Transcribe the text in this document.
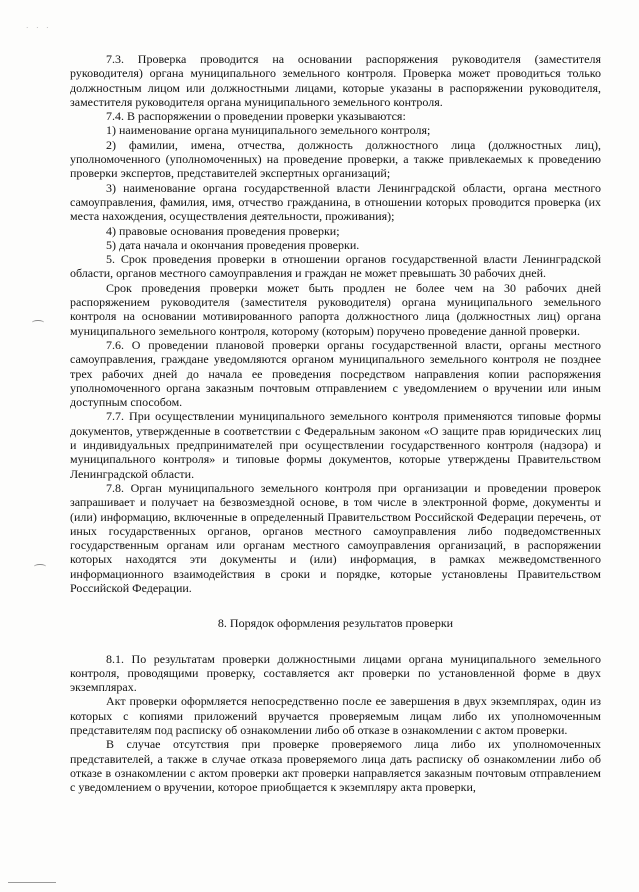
· · ·

7.3. Проверка проводится на основании распоряжения руководителя (заместителя руководителя) органа муниципального земельного контроля. Проверка может проводиться только должностным лицом или должностными лицами, которые указаны в распоряжении руководителя, заместителя руководителя органа муниципального земельного контроля.

7.4. В распоряжении о проведении проверки указываются:

1) наименование органа муниципального земельного контроля;

2) фамилии, имена, отчества, должность должностного лица (должностных лиц), уполномоченного (уполномоченных) на проведение проверки, а также привлекаемых к проведению проверки экспертов, представителей экспертных организаций;

3) наименование органа государственной власти Ленинградской области, органа местного самоуправления, фамилия, имя, отчество гражданина, в отношении которых проводится проверка (их места нахождения, осуществления деятельности, проживания);

4) правовые основания проведения проверки;

5) дата начала и окончания проведения проверки.

5. Срок проведения проверки в отношении органов государственной власти Ленинградской области, органов местного самоуправления и граждан не может превышать 30 рабочих дней.

Срок проведения проверки может быть продлен не более чем на 30 рабочих дней распоряжением руководителя (заместителя руководителя) органа муниципального земельного контроля на основании мотивированного рапорта должностного лица (должностных лиц) органа муниципального земельного контроля, которому (которым) поручено проведение данной проверки.

7.6. О проведении плановой проверки органы государственной власти, органы местного самоуправления, граждане уведомляются органом муниципального земельного контроля не позднее трех рабочих дней до начала ее проведения посредством направления копии распоряжения уполномоченного органа заказным почтовым отправлением с уведомлением о вручении или иным доступным способом.

7.7. При осуществлении муниципального земельного контроля применяются типовые формы документов, утвержденные в соответствии с Федеральным законом «О защите прав юридических лиц и индивидуальных предпринимателей при осуществлении государственного контроля (надзора) и муниципального контроля» и типовые формы документов, которые утверждены Правительством Ленинградской области.

7.8. Орган муниципального земельного контроля при организации и проведении проверок запрашивает и получает на безвозмездной основе, в том числе в электронной форме, документы и (или) информацию, включенные в определенный Правительством Российской Федерации перечень, от иных государственных органов, органов местного самоуправления либо подведомственных государственным органам или органам местного самоуправления организаций, в распоряжении которых находятся эти документы и (или) информация, в рамках межведомственного информационного взаимодействия в сроки и порядке, которые установлены Правительством Российской Федерации.

8. Порядок оформления результатов проверки

8.1. По результатам проверки должностными лицами органа муниципального земельного контроля, проводящими проверку, составляется акт проверки по установленной форме в двух экземплярах.

Акт проверки оформляется непосредственно после ее завершения в двух экземплярах, один из которых с копиями приложений вручается проверяемым лицам либо их уполномоченным представителям под расписку об ознакомлении либо об отказе в ознакомлении с актом проверки.

В случае отсутствия при проверке проверяемого лица либо их уполномоченных представителей, а также в случае отказа проверяемого лица дать расписку об ознакомлении либо об отказе в ознакомлении с актом проверки акт проверки направляется заказным почтовым отправлением с уведомлением о вручении, которое приобщается к экземпляру акта проверки,
